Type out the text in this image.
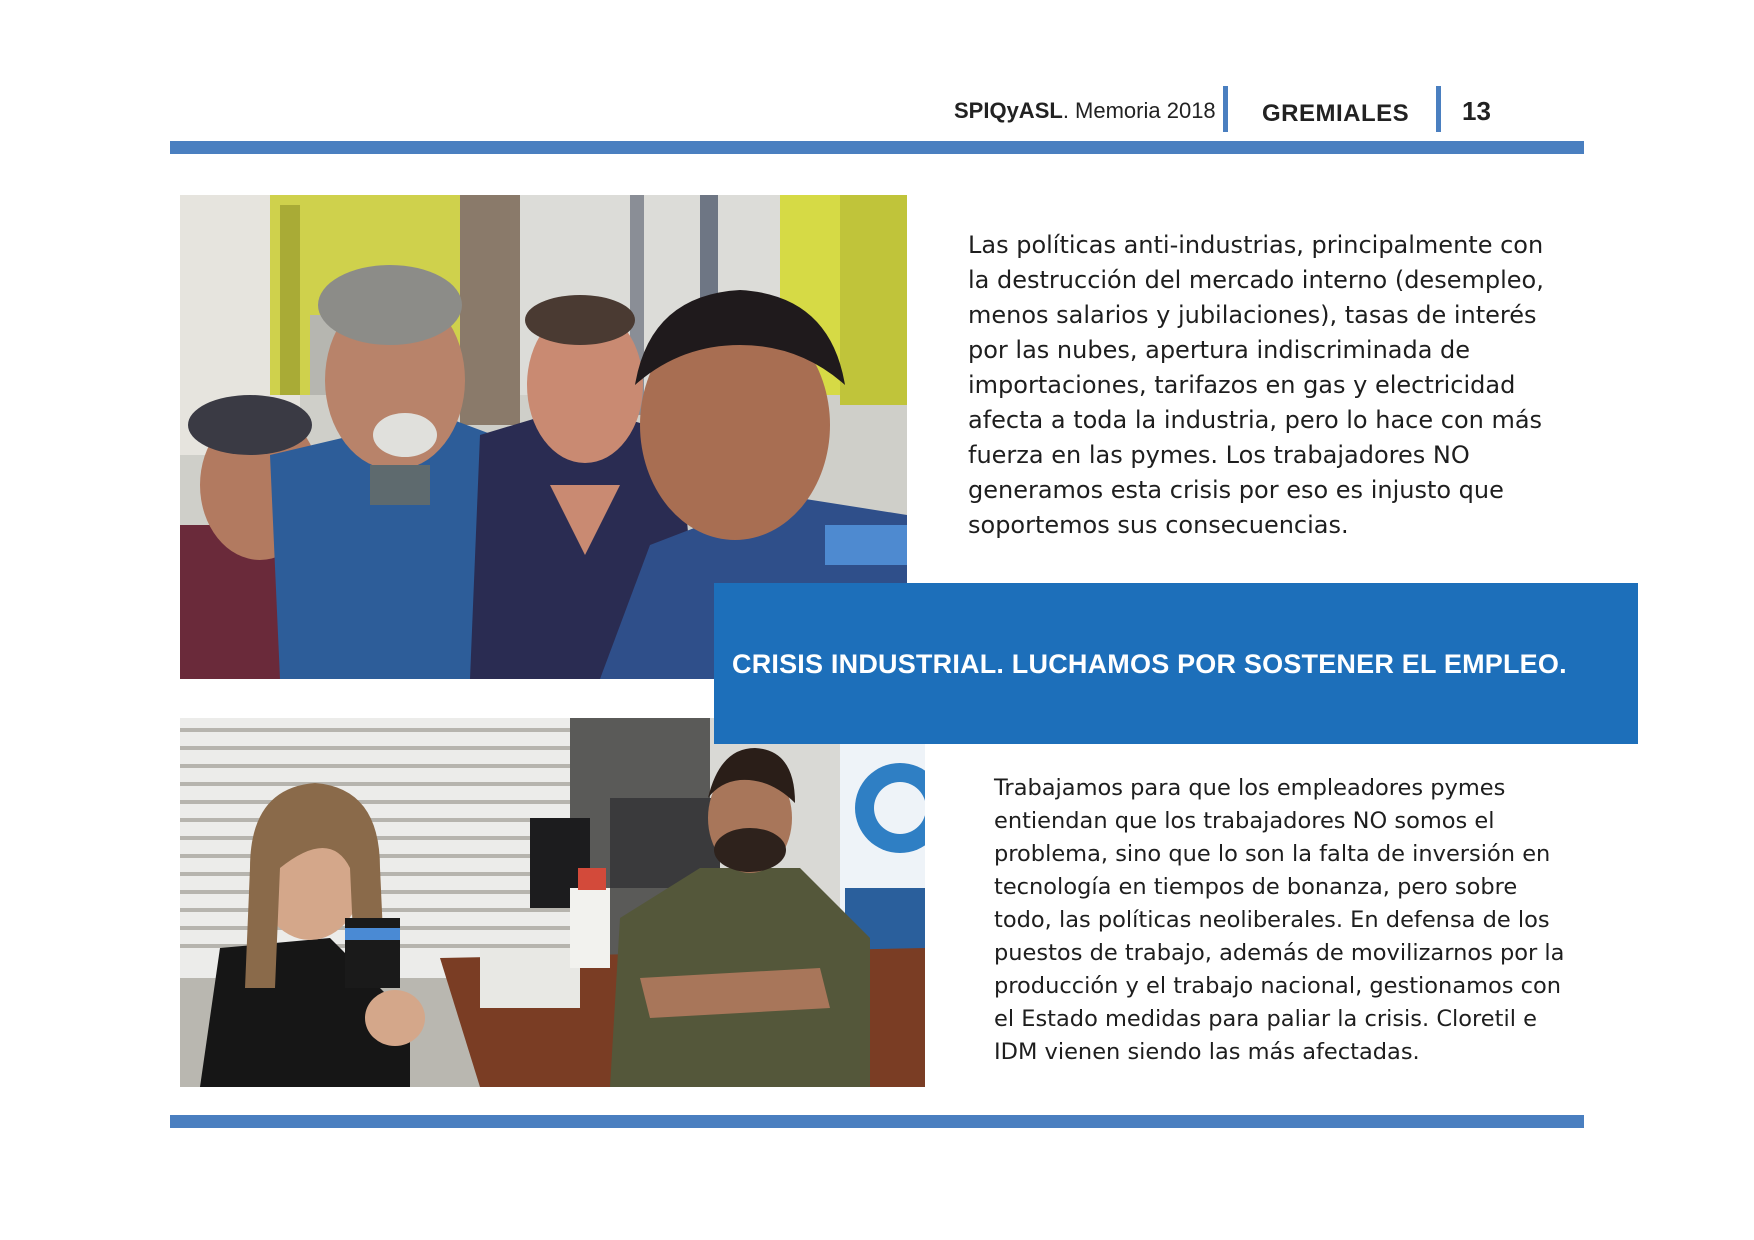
SPIQyASL. Memoria 2018 GREMIALES 13

Las políticas anti-industrias, principalmente con la destrucción del mercado interno (desempleo, menos salarios y jubilaciones), tasas de interés por las nubes, apertura indiscriminada de importaciones, tarifazos en gas y electricidad afecta a toda la industria, pero lo hace con más fuerza en las pymes. Los trabajadores NO generamos esta crisis por eso es injusto que soportemos sus consecuencias.

CRISIS INDUSTRIAL. LUCHAMOS POR SOSTENER EL EMPLEO.

Trabajamos para que los empleadores pymes entiendan que los trabajadores NO somos el problema, sino que lo son la falta de inversión en tecnología en tiempos de bonanza, pero sobre todo, las políticas neoliberales. En defensa de los puestos de trabajo, además de movilizarnos por la producción y el trabajo nacional, gestionamos con el Estado medidas para paliar la crisis. Cloretil e IDM vienen siendo las más afectadas.
